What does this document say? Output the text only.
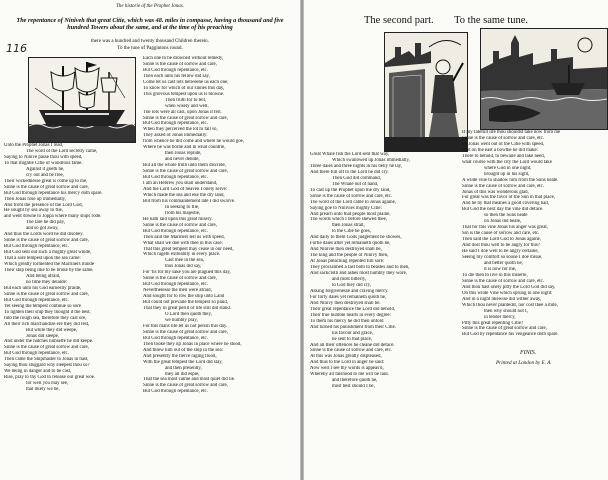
The historie of the Prophet Jonas.
The repentance of Niniveh that great Citie, which was 48. miles in compasse, having a thousand and five hundred Towers about the same, and at the time of his preaching
there was a hundred and twenty thousand Children therein.
To the tune of Paggintons round.
116
Unto the Prophet Jonas I read,
The word of the Lord secretly came,
Saying to Ninive passe thou with speed,
To that mightie Citie of wondrous fame.
Against it goeth he,
cry out and be free,
Their wickednesse great is come up to me,
Sinne is the cause of great sorrow and care,
But God through repentance his mercy doth spare.
Then Jonas rose up immediatly,
And from the presence of the Lord God,
He sought by sea away to flie,
and went downe to Joppa where many ships rode.
The fare he did pay,
and so got away,
And thus the Lords word he did disobey.
Sinne is the cause of great sorrow and care,
But God through repentance, etc.
But God sent out such a mighty great winde,
That a sore tempest upon the sea came:
Which greatly tormented the Marriners minde
Their ship being like to be broke by the same.
And being afraid,
no time they delaide:
But each unto his God earnestly praide,
Sinne is the cause of great sorrow and care,
But God through repentance, etc.
Yet seeing the tempest continue so sore
To lighten their ship they thought it the best,
Into the rough sea, therefore they cast ore,
All their rich marchandize ere they did rest,
But while they did weepe,
Jonas did sleepe,
And under the hatches himselfe he did keepe.
Sinne is the cause of great sorrow and care,
But God through repentance, etc.
Then came the Shipmaster to Jonas in hast,
Saying thou sluggard why sleepest thou so?
We being in danger and to be cast,
Rise, pray to thy God to release our great woe.
for well you may see,
that likely we be,
Each one to be drowned without remedy,
Sinne is the cause of sorrow and care,
But God through repentance, etc.
Then each unto his fellow did say,
Come let us cast lots betweene us each one,
To know for which of our sinnes this day,
This grievous tempest upon us is blowne.
Then truth for to tell,
when wisely and well,
The lots were all cast, upon Jonas it fell.
Sinne is the cause of great sorrow and care,
But God through repentance, etc.
When they perceived the lot to fall so,
They asked of Jonas immediatly:
from whence he did come and where he would goe,
Where he was borne and in what countrie,
then Jonas replide,
and never denide,
But all the whole truth unto them discride,
Sinne is the cause of great sorrow and care,
But God through repentance, etc.
I am an Hebrew you shall understand,
And the Lord God of heaven I onely serve:
Which made the sea and eke the dry land,
But from his commandement late I did swarve.
In seeking to flie,
from his majestie,
He hath laid upon this great misery.
Sinne is the cause of sorrow and care,
But God through repentance, etc.
Then said the Mariners tell us with speed,
What shall we doe with thee in this case:
That this great tempest may cease in our need,
Which rageth extreamly in every place.
Cast mee in the sea,
thus Jonas did say,
For 'tis for my sake you are plagued this day,
Sinne is the cause of sorrow and care,
But God through repentance, etc.
Neverthelesse the men were afraid,
And sought for to row the ship unto Land
But could not prevaile the tempest so plaid,
That they in great perill of life still did stand.
O Lord then quoth they,
we humbly pray,
For this mans life let us not perish this day.
Sinne is the cause of great sorrow and care,
But God through repentance, etc.
Then tooke they up Jonas in place where he stood,
And threw him out of the ship in the sea:
And presently the fierce raging flood,
With the great tempest the Lord did slay,
and then presently,
they all did espie,
That the sea most calme and most quiet did lie.
Sinne is the cause of great sorrow and care,
But God through repentance, etc.
The second part. To the same tune.
Great Whale fish the Lord sent that way,
Which swallowed up Jonas immediatly,
Three daies and three nights in his belly he lay,
And there full oft to the Lord he did cry.
Then God did command,
The Whale out of hand,
To cast up the Prophet upon the dry land,
Sinne is the cause of sorrow and care, etc.
The word of the Lord came to Jonas againe,
Saying goe to Ninivies mighty Citie:
And preach unto that people most plaine,
The words which I before shewed thee,
then Jonas strait,
to the Citie he goes,
And daily to them Gods judgement he showes,
Fortie daies after yet remaineth quoth he,
And Ninivie then destroyed shall be,
The king and the people of Ninivy then,
At Jonas preaching repented full sore:
They proclaimed a fast both to beastes and to men,
And sackcloth and ashes most humbly they wore,
and most bitterly,
to God they did cry,
Asking forgivenesse and craving mercy.
For forty daies yet remaineth quoth he,
And Ninivy then destroyed shall be.
Their great repentance the Lord did behold,
Their true humble hearts in every degree:
To them his mercy he did then unfold
And turned his punishment from their Citie.
his favour and grace,
he sent to that place,
And all their offences he cleane did deface.
Sinne is the cause of sorrow and care, etc.
At this was Jonas greatly displeased,
And thus to the Lord in anger he said:
Now well I see thy words is appeas'd,
Whereby all falshood to me will be laid.
and therefore quoth he,
most best should I be,
If my fatefull life thou shouldst take now from me
Sinne is the cause of sorrow and care, etc.
So Jonas went out of the Citie with speed,
And on the east a bowthe he did make:
There to behold, to bewaile and take heed,
what course with the city the Lord would take
where God in one night,
brought up in his sight,
A wilde vine to shadow him from the Suns heate.
Sinne is the cause of sorrow and care, etc.
Jonas of this was wonderous glad,
For great was the favor of the Sun in that place,
And he by that meanes a good covering had,
But God the next day the vine did deface.
so then the Suns heate
on Jonas did beate,
That for this vine Jonas his anger was great,
Sin is the cause of sorrow and care, etc.
Then said the Lord God to Jonas againe,
And dost thou well to be angry for this?
He said I doe well to be angry certaine,
Seeing my comfort so soone I doe misse,
and better quoth he,
it is now for me,
To die then to live in this miserie,
Sinne is the cause of sorrow and care, etc.
And thou hast onely pitty the Lord God did say,
On this wilde Vine which sprung in one night:
And in a night likewise did wither away,
Which thou never plantedst, nor cost thee a mite,
then why should not I,
in tender mercy,
Pitty this great repenting Citie?
Sinne is the cause of great sorrow and care,
But God by repentance his vengeance doth spare.
FINIS.
Printed at London by E. A.
